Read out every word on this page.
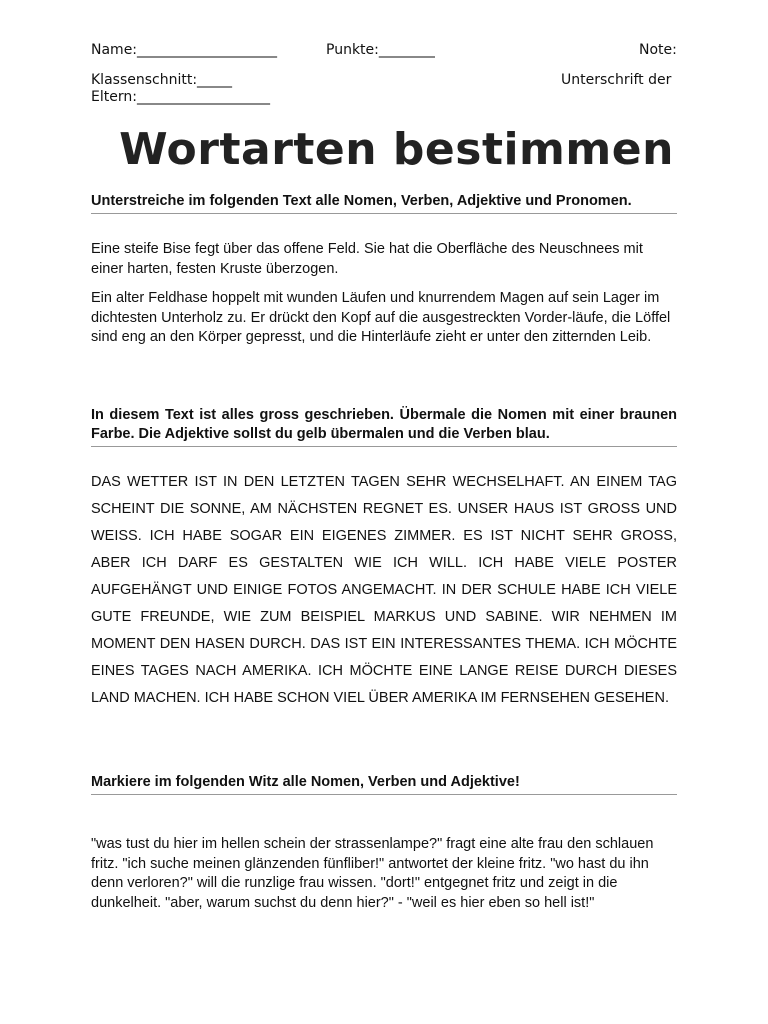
Name:____________________	Punkte:________	Note:
Klassenschnitt:_____	Unterschrift der
Eltern:___________________
Wortarten bestimmen
Unterstreiche im folgenden Text alle Nomen, Verben, Adjektive und Pronomen.

Eine steife Bise fegt über das offene Feld. Sie hat die Oberfläche des Neuschnees mit einer harten, festen Kruste überzogen.

Ein alter Feldhase hoppelt mit wunden Läufen und knurrendem Magen auf sein Lager im dichtesten Unterholz zu. Er drückt den Kopf auf die ausgestreckten Vorder-läufe, die Löffel sind eng an den Körper gepresst, und die Hinterläufe zieht er unter den zitternden Leib.

In diesem Text ist alles gross geschrieben. Übermale die Nomen mit einer braunen Farbe. Die Adjektive sollst du gelb übermalen und die Verben blau.

DAS WETTER IST IN DEN LETZTEN TAGEN SEHR WECHSELHAFT. AN EINEM TAG SCHEINT DIE SONNE, AM NÄCHSTEN REGNET ES. UNSER HAUS IST GROSS UND WEISS. ICH HABE SOGAR EIN EIGENES ZIMMER. ES IST NICHT SEHR GROSS, ABER ICH DARF ES GESTALTEN WIE ICH WILL. ICH HABE VIELE POSTER AUFGEHÄNGT UND EINIGE FOTOS ANGEMACHT. IN DER SCHULE HABE ICH VIELE GUTE FREUNDE, WIE ZUM BEISPIEL MARKUS UND SABINE. WIR NEHMEN IM MOMENT DEN HASEN DURCH. DAS IST EIN INTERESSANTES THEMA. ICH MÖCHTE EINES TAGES NACH AMERIKA. ICH MÖCHTE EINE LANGE REISE DURCH DIESES LAND MACHEN. ICH HABE SCHON VIEL ÜBER AMERIKA IM FERNSEHEN GESEHEN.

Markiere im folgenden Witz alle Nomen, Verben und Adjektive!

"was tust du hier im hellen schein der strassenlampe?" fragt eine alte frau den schlauen fritz. "ich suche meinen glänzenden fünfliber!" antwortet der kleine fritz. "wo hast du ihn denn verloren?" will die runzlige frau wissen. "dort!" entgegnet fritz und zeigt in die dunkelheit. "aber, warum suchst du denn hier?" - "weil es hier eben so hell ist!"
